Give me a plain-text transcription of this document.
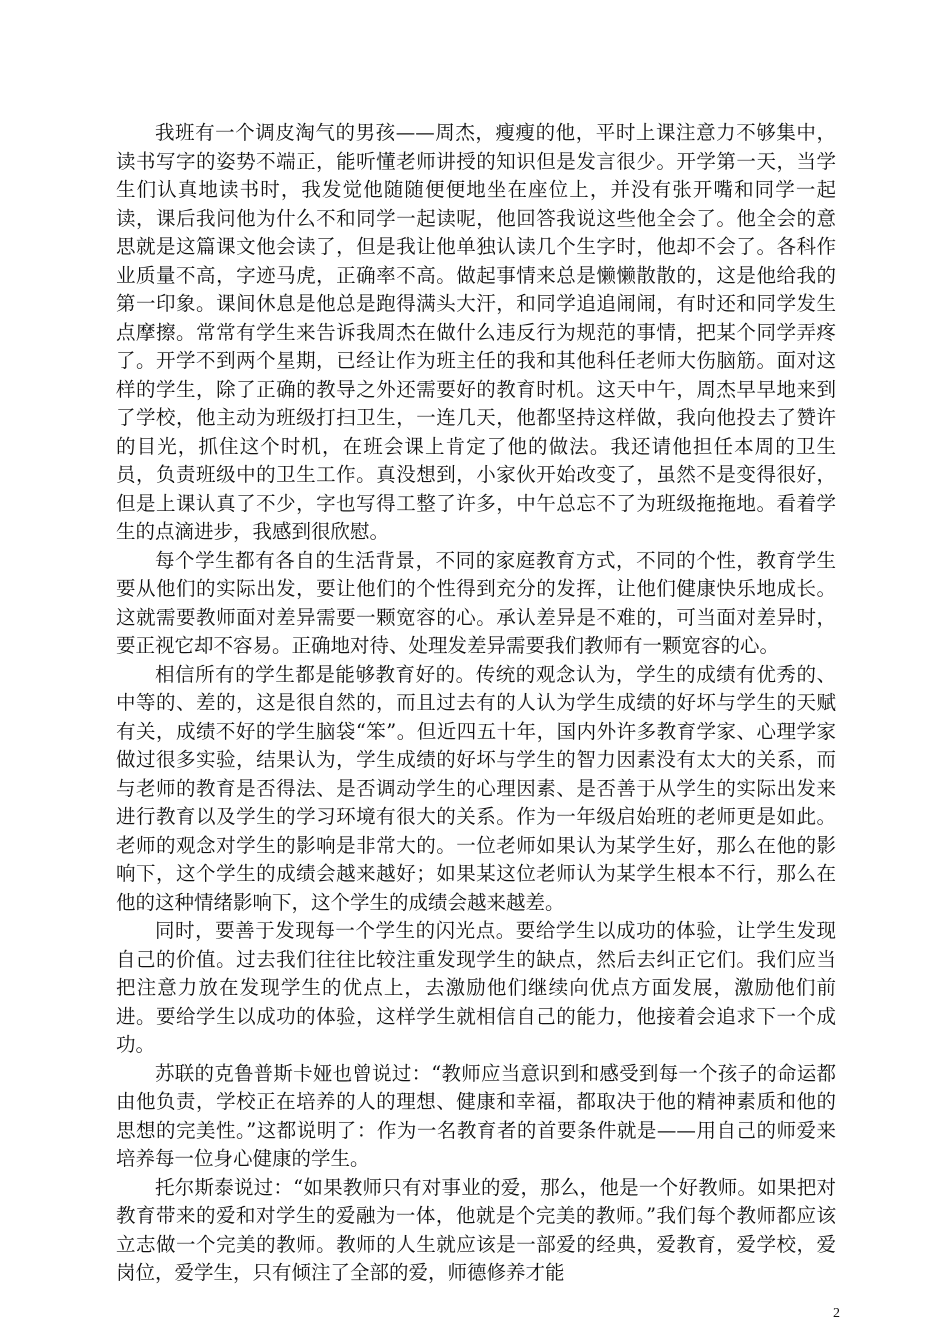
我班有一个调皮淘气的男孩——周杰，瘦瘦的他，平时上课注意力不够集中，读书写字的姿势不端正，能听懂老师讲授的知识但是发言很少。开学第一天，当学生们认真地读书时，我发觉他随随便便地坐在座位上，并没有张开嘴和同学一起读，课后我问他为什么不和同学一起读呢，他回答我说这些他全会了。他全会的意思就是这篇课文他会读了，但是我让他单独认读几个生字时，他却不会了。各科作业质量不高，字迹马虎，正确率不高。做起事情来总是懒懒散散的，这是他给我的第一印象。课间休息是他总是跑得满头大汗，和同学追追闹闹，有时还和同学发生点摩擦。常常有学生来告诉我周杰在做什么违反行为规范的事情，把某个同学弄疼了。开学不到两个星期，已经让作为班主任的我和其他科任老师大伤脑筋。面对这样的学生，除了正确的教导之外还需要好的教育时机。这天中午，周杰早早地来到了学校，他主动为班级打扫卫生，一连几天，他都坚持这样做，我向他投去了赞许的目光，抓住这个时机，在班会课上肯定了他的做法。我还请他担任本周的卫生员，负责班级中的卫生工作。真没想到，小家伙开始改变了，虽然不是变得很好，但是上课认真了不少，字也写得工整了许多，中午总忘不了为班级拖拖地。看着学生的点滴进步，我感到很欣慰。

每个学生都有各自的生活背景，不同的家庭教育方式，不同的个性，教育学生要从他们的实际出发，要让他们的个性得到充分的发挥，让他们健康快乐地成长。这就需要教师面对差异需要一颗宽容的心。承认差异是不难的，可当面对差异时，要正视它却不容易。正确地对待、处理发差异需要我们教师有一颗宽容的心。

相信所有的学生都是能够教育好的。传统的观念认为，学生的成绩有优秀的、中等的、差的，这是很自然的，而且过去有的人认为学生成绩的好坏与学生的天赋有关，成绩不好的学生脑袋“笨”。但近四五十年，国内外许多教育学家、心理学家做过很多实验，结果认为，学生成绩的好坏与学生的智力因素没有太大的关系，而与老师的教育是否得法、是否调动学生的心理因素、是否善于从学生的实际出发来进行教育以及学生的学习环境有很大的关系。作为一年级启始班的老师更是如此。老师的观念对学生的影响是非常大的。一位老师如果认为某学生好，那么在他的影响下，这个学生的成绩会越来越好；如果某这位老师认为某学生根本不行，那么在他的这种情绪影响下，这个学生的成绩会越来越差。

同时，要善于发现每一个学生的闪光点。要给学生以成功的体验，让学生发现自己的价值。过去我们往往比较注重发现学生的缺点，然后去纠正它们。我们应当把注意力放在发现学生的优点上，去激励他们继续向优点方面发展，激励他们前进。要给学生以成功的体验，这样学生就相信自己的能力，他接着会追求下一个成功。

苏联的克鲁普斯卡娅也曾说过：“教师应当意识到和感受到每一个孩子的命运都由他负责，学校正在培养的人的理想、健康和幸福，都取决于他的精神素质和他的思想的完美性。”这都说明了：作为一名教育者的首要条件就是——用自己的师爱来培养每一位身心健康的学生。

托尔斯泰说过：“如果教师只有对事业的爱，那么，他是一个好教师。如果把对教育带来的爱和对学生的爱融为一体，他就是个完美的教师。”我们每个教师都应该立志做一个完美的教师。教师的人生就应该是一部爱的经典，爱教育，爱学校，爱岗位，爱学生，只有倾注了全部的爱，师德修养才能

2
